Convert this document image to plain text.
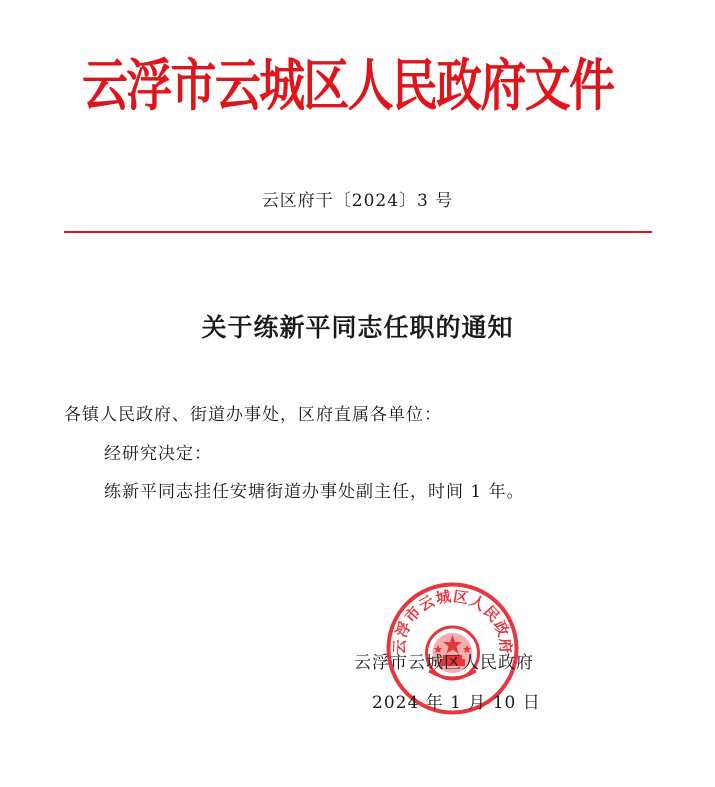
云浮市云城区人民政府文件
云区府干〔2024〕3 号
关于练新平同志任职的通知
各镇人民政府、街道办事处，区府直属各单位：
经研究决定：
练新平同志挂任安塘街道办事处副主任，时间 1 年。
云浮市云城区人民政府
云浮市云城区人民政府
2024 年 1 月 10 日
